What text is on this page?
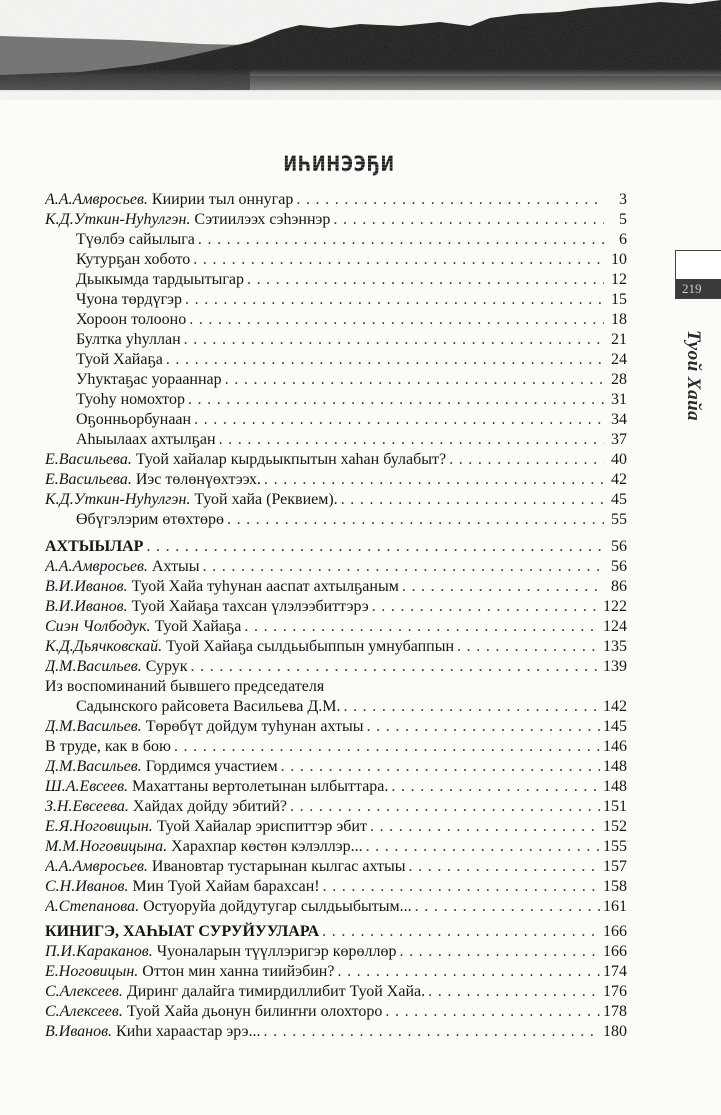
ИҺИНЭЭҔИТЭ
219
Туой Хайа
А.А.Амвросьев. Киирии тыл оннугар . . .	3
К.Д.Уткин-Нуһулгэн. Сэтиилээх сэһэннэр . . .	5
Түөлбэ сайылыга . . .	6
Кутурҕан хобото . . .	10
Дьыкымда тардыытыгар . . .	12
Чуона төрдүгэр . . .	15
Хороон толооно . . .	18
Бултка уһуллан . . .	21
Туой Хайаҕа . . .	24
Уһуктаҕас уорааннар . . .	28
Туоһу номохтор . . .	31
Оҕонньорбунаан . . .	34
Аһыылаах ахтылҕан . . .	37
Е.Васильева. Туой хайалар кырдьыкпытын хаһан булабыт? . . .	40
Е.Васильева. Иэс төлөнүөхтээх. . . .	42
К.Д.Уткин-Нуһулгэн. Туой хайа (Реквием). . . .	45
Өбүгэлэрим өтөхтөрө . . .	55
АХТЫЫЛАР . . .	56
А.А.Амвросьев. Ахтыы . . .	56
В.И.Иванов. Туой Хайа туһунан ааспат ахтылҕаным . . .	86
В.И.Иванов. Туой Хайаҕа тахсан үлэлээбиттэрэ . . .	122
Сиэн Чолбодук. Туой Хайаҕа . . .	124
К.Д.Дьячковскай. Туой Хайаҕа сылдьыбыппын умнубаппын . . .	135
Д.М.Васильев. Сурук . . .	139
Из воспоминаний бывшего председателя
Садынского райсовета Васильева Д.М. . . .	142
Д.М.Васильев. Төрөбүт дойдум туһунан ахтыы . . .	145
В труде, как в бою . . .	146
Д.М.Васильев. Гордимся участием . . .	148
Ш.А.Евсеев. Махаттаны вертолетынан ылбыттара. . . .	148
З.Н.Евсеева. Хайдах дойду эбитий? . . .	151
Е.Я.Ноговицын. Туой Хайалар эриспиттэр эбит . . .	152
М.М.Ноговицына. Харахпар көстөн кэлэллэр... . . .	155
А.А.Амвросьев. Ивановтар тустарынан кылгас ахтыы . . .	157
С.Н.Иванов. Мин Туой Хайам барахсан! . . .	158
А.Степанова. Остуоруйа дойдутугар сылдьыбытым... . . .	161
КИНИГЭ, ХАҺЫАТ СУРУЙУУЛАРА . . .	166
П.И.Караканов. Чуоналарын түүллэригэр көрөллөр . . .	166
Е.Ноговицын. Оттон мин ханна тиийэбин? . . .	174
С.Алексеев. Диринг далайга тимирдиллибит Туой Хайа. . . .	176
С.Алексеев. Туой Хайа дьонун билиҥҥи олохторо . . .	178
В.Иванов. Киһи хараастар эрэ... . . .	180
